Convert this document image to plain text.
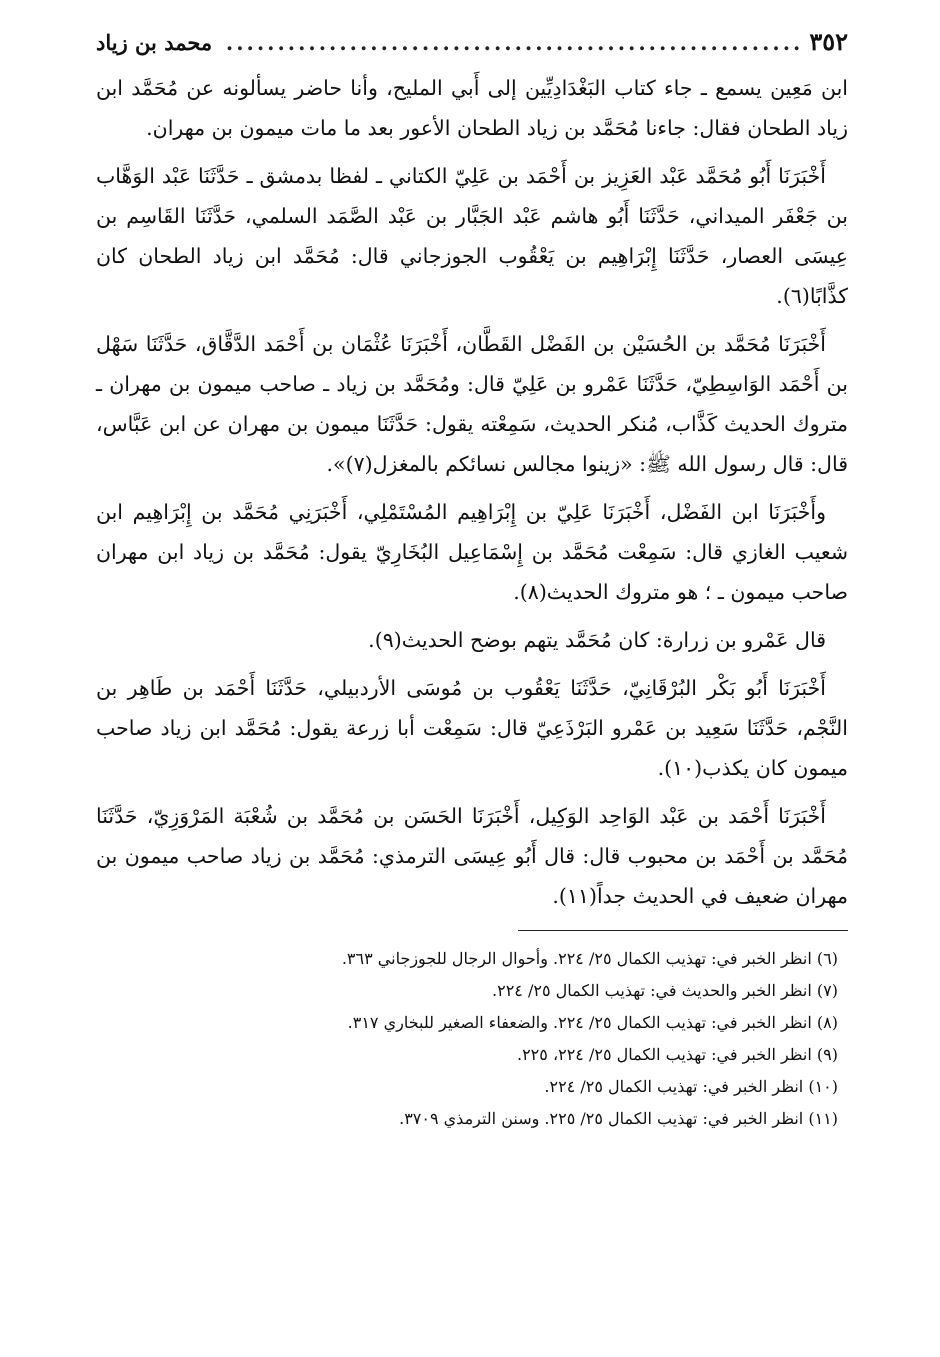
٣٥٢
........................................................
محمد بن زياد

ابن مَعِين يسمع ـ جاء كتاب البَغْدَادِيِّين إلى أَبي المليح، وأنا حاضر يسألونه عن مُحَمَّد ابن زياد الطحان فقال: جاءنا مُحَمَّد بن زياد الطحان الأعور بعد ما مات ميمون بن مهران.

أَخْبَرَنَا أَبُو مُحَمَّد عَبْد العَزِيز بن أَحْمَد بن عَلِيّ الكتاني ـ لفظا بدمشق ـ حَدَّثَنَا عَبْد الوَهَّاب بن جَعْفَر الميداني، حَدَّثَنَا أَبُو هاشم عَبْد الجَبَّار بن عَبْد الصَّمَد السلمي، حَدَّثَنَا القَاسِم بن عِيسَى العصار، حَدَّثَنَا إِبْرَاهِيم بن يَعْقُوب الجوزجاني قال: مُحَمَّد ابن زياد الطحان كان كذَّابًا(٦).

أَخْبَرَنَا مُحَمَّد بن الحُسَيْن بن الفَضْل القَطَّان، أَخْبَرَنَا عُثْمَان بن أَحْمَد الدَّقَّاق، حَدَّثَنَا سَهْل بن أَحْمَد الوَاسِطِيّ، حَدَّثَنَا عَمْرو بن عَلِيّ قال: ومُحَمَّد بن زياد ـ صاحب ميمون بن مهران ـ متروك الحديث كَذَّاب، مُنكر الحديث، سَمِعْته يقول: حَدَّثَنَا ميمون بن مهران عن ابن عَبَّاس، قال: قال رسول الله ﷺ: «زينوا مجالس نسائكم بالمغزل(٧)».

وأَخْبَرَنَا ابن الفَضْل، أَخْبَرَنَا عَلِيّ بن إِبْرَاهِيم المُسْتَمْلِي، أَخْبَرَنِي مُحَمَّد بن إِبْرَاهِيم ابن شعيب الغازي قال: سَمِعْت مُحَمَّد بن إِسْمَاعِيل البُخَارِيّ يقول: مُحَمَّد بن زياد ابن مهران صاحب ميمون ـ ؛ هو متروك الحديث(٨).

قال عَمْرو بن زرارة: كان مُحَمَّد يتهم بوضح الحديث(٩).

أَخْبَرَنَا أَبُو بَكْر البُرْقَانِيّ، حَدَّثَنَا يَعْقُوب بن مُوسَى الأردبيلي، حَدَّثَنَا أَحْمَد بن طَاهِر بن النَّجْم، حَدَّثَنَا سَعِيد بن عَمْرو البَرْذَعِيّ قال: سَمِعْت أبا زرعة يقول: مُحَمَّد ابن زياد صاحب ميمون كان يكذب(١٠).

أَخْبَرَنَا أَحْمَد بن عَبْد الوَاحِد الوَكِيل، أَخْبَرَنَا الحَسَن بن مُحَمَّد بن شُعْبَة المَرْوَزِيّ، حَدَّثَنَا مُحَمَّد بن أَحْمَد بن محبوب قال: قال أَبُو عِيسَى الترمذي: مُحَمَّد بن زياد صاحب ميمون بن مهران ضعيف في الحديث جداً(١١).

(٦) انظر الخبر في: تهذيب الكمال ٢٥/ ٢٢٤. وأحوال الرجال للجوزجاني ٣٦٣.

(٧) انظر الخبر والحديث في: تهذيب الكمال ٢٥/ ٢٢٤.

(٨) انظر الخبر في: تهذيب الكمال ٢٥/ ٢٢٤. والضعفاء الصغير للبخاري ٣١٧.

(٩) انظر الخبر في: تهذيب الكمال ٢٥/ ٢٢٤، ٢٢٥.

(١٠) انظر الخبر في: تهذيب الكمال ٢٥/ ٢٢٤.

(١١) انظر الخبر في: تهذيب الكمال ٢٥/ ٢٢٥. وسنن الترمذي ٣٧٠٩.
